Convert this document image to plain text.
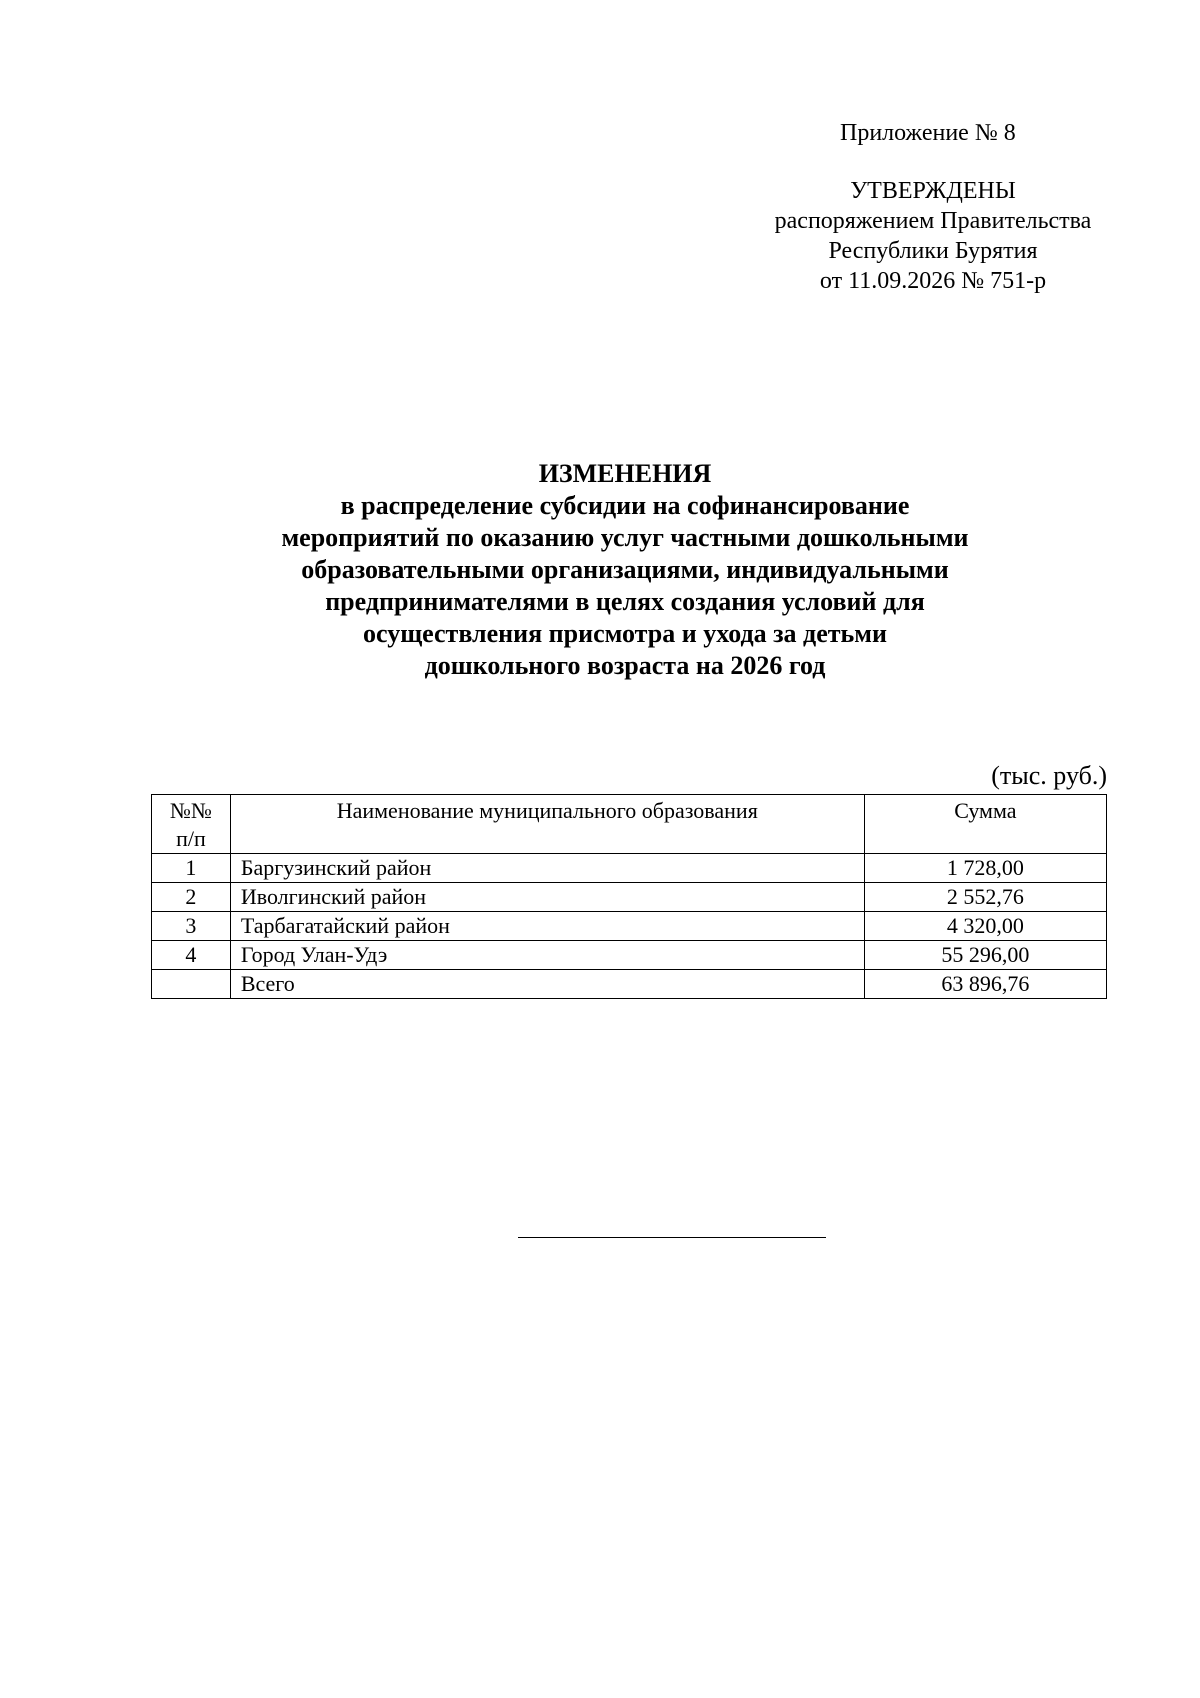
Приложение № 8
УТВЕРЖДЕНЫ
распоряжением Правительства
Республики Бурятия
от 11.09.2026 № 751-р
ИЗМЕНЕНИЯ
в распределение субсидии на софинансирование
мероприятий по оказанию услуг частными дошкольными
образовательными организациями, индивидуальными
предпринимателями в целях создания условий для
осуществления присмотра и ухода за детьми
дошкольного возраста на 2026 год
(тыс. руб.)
№№
п/п	Наименование муниципального образования	Сумма
1	Баргузинский район	1 728,00
2	Иволгинский район	2 552,76
3	Тарбагатайский район	4 320,00
4	Город Улан-Удэ	55 296,00
	Всего	63 896,76
